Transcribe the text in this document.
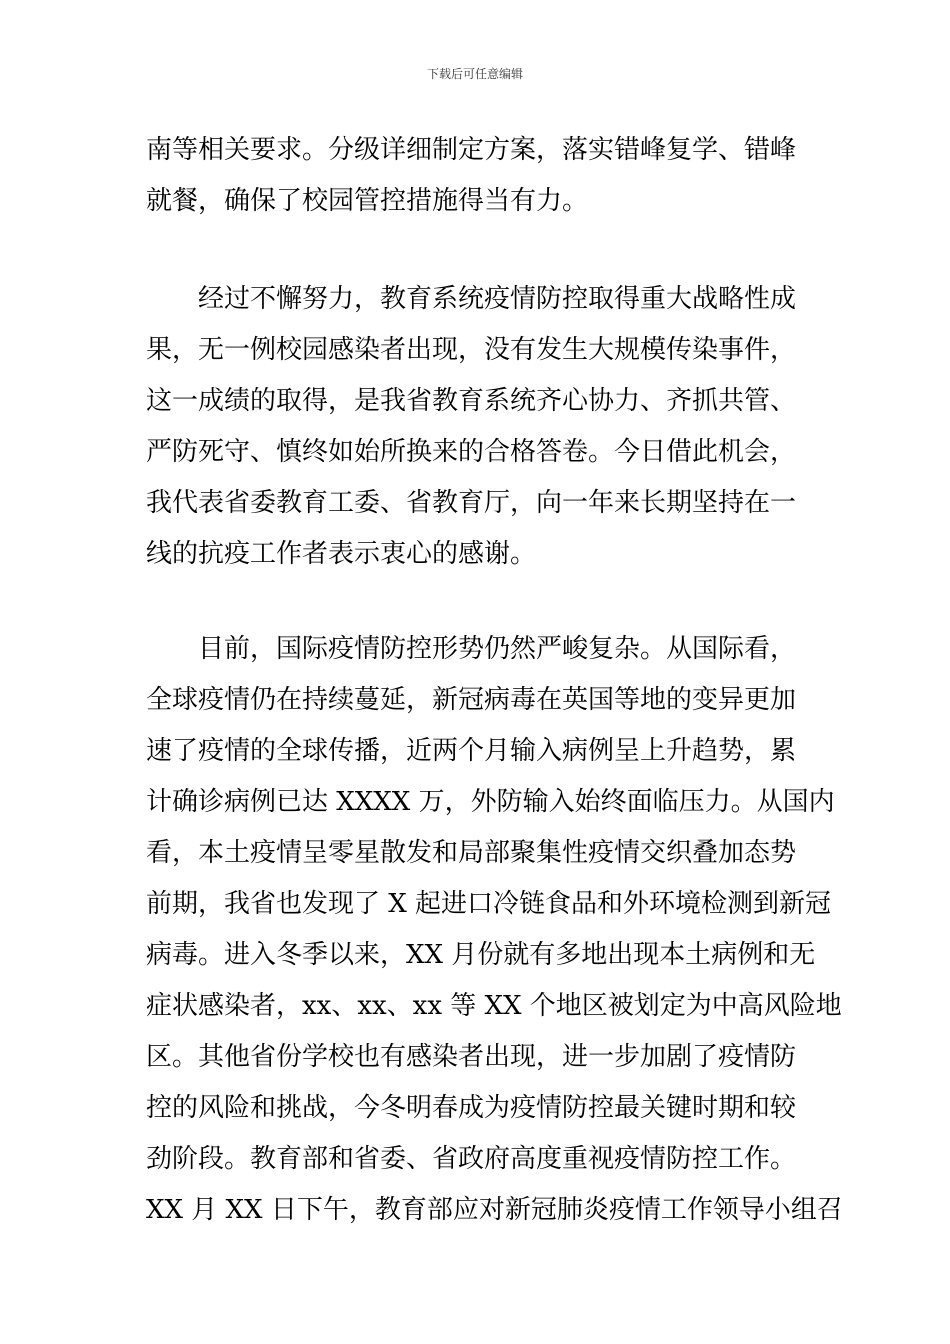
下载后可任意编辑
南等相关要求。分级详细制定方案，落实错峰复学、错峰
就餐，确保了校园管控措施得当有力。
经过不懈努力，教育系统疫情防控取得重大战略性成
果，无一例校园感染者出现，没有发生大规模传染事件，
这一成绩的取得，是我省教育系统齐心协力、齐抓共管、
严防死守、慎终如始所换来的合格答卷。今日借此机会，
我代表省委教育工委、省教育厅，向一年来长期坚持在一
线的抗疫工作者表示衷心的感谢。
目前，国际疫情防控形势仍然严峻复杂。从国际看，
全球疫情仍在持续蔓延，新冠病毒在英国等地的变异更加
速了疫情的全球传播，近两个月输入病例呈上升趋势，累
计确诊病例已达 XXXX 万，外防输入始终面临压力。从国内
看，本土疫情呈零星散发和局部聚集性疫情交织叠加态势
前期，我省也发现了 X 起进口冷链食品和外环境检测到新冠
病毒。进入冬季以来，XX 月份就有多地出现本土病例和无
症状感染者，xx、xx、xx 等 XX 个地区被划定为中高风险地
区。其他省份学校也有感染者出现，进一步加剧了疫情防
控的风险和挑战，今冬明春成为疫情防控最关键时期和较
劲阶段。教育部和省委、省政府高度重视疫情防控工作。
XX 月 XX 日下午，教育部应对新冠肺炎疫情工作领导小组召
